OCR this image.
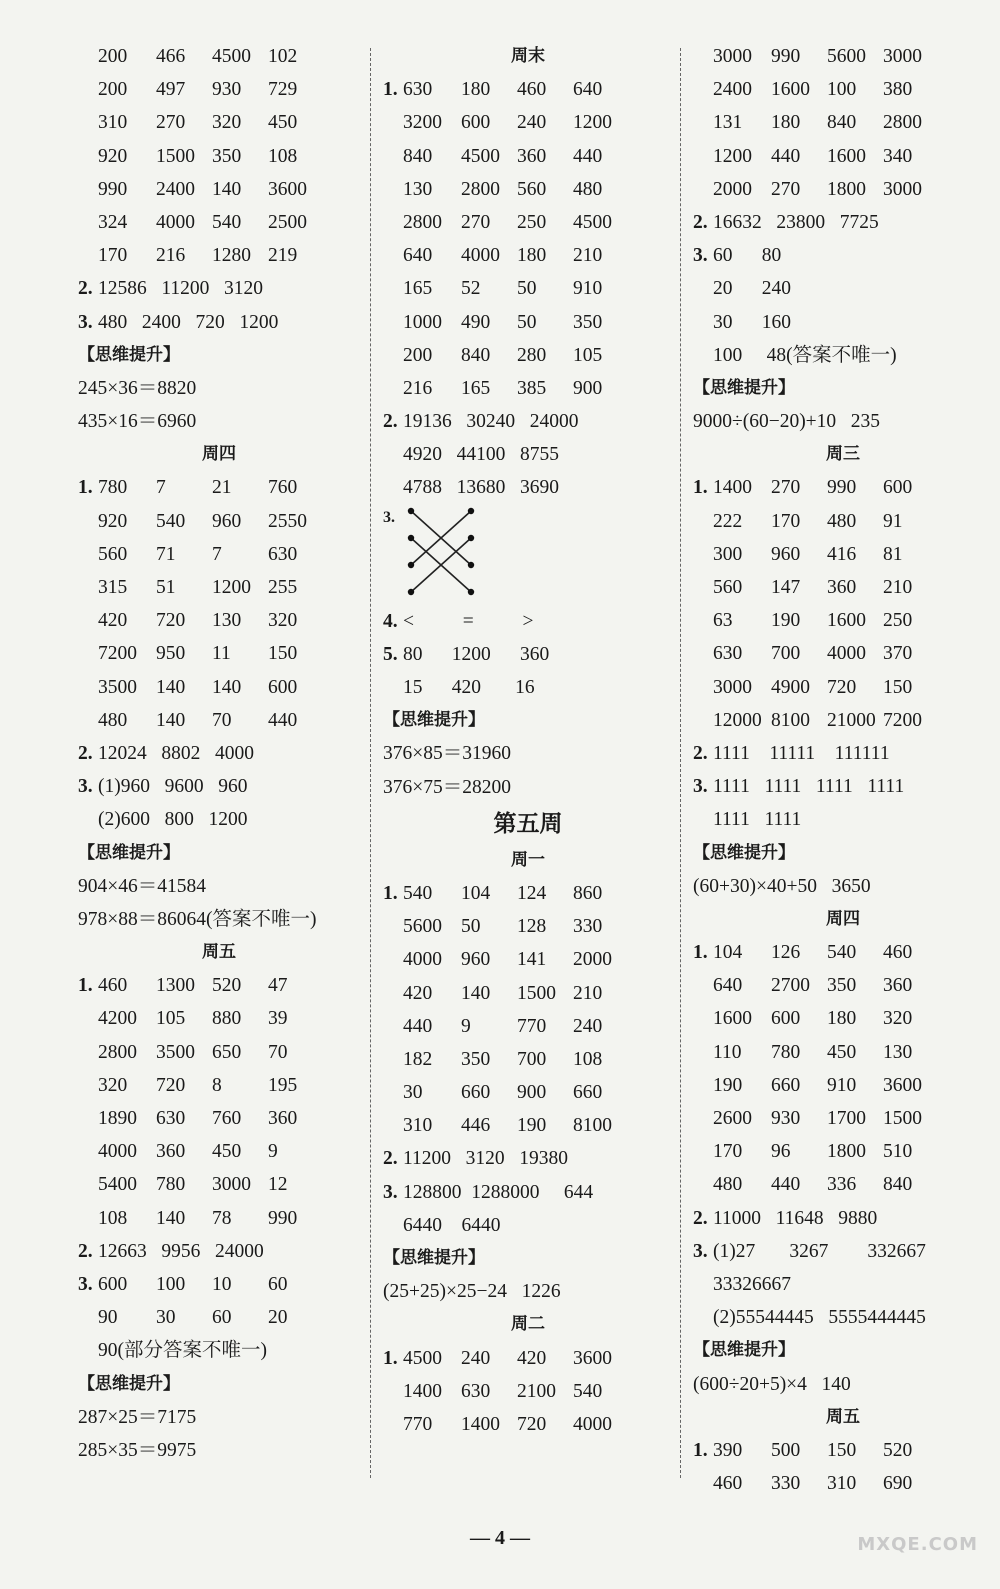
200 466 4500 102
200 497 930 729
310 270 320 450
920 1500 350 108
990 2400 140 3600
324 4000 540 2500
170 216 1280 219
2. 12586   11200   3120
3. 480   2400   720   1200
【思维提升】
245×36＝8820
435×16＝6960
周四
1. 780 7 21 760
920 540 960 2550
560 71 7 630
315 51 1200 255
420 720 130 320
7200 950 11 150
3500 140 140 600
480 140 70 440
2. 12024   8802   4000
3. (1)960   9600   960
(2)600   800   1200
【思维提升】
904×46＝41584
978×88＝86064(答案不唯一)
周五
1. 460 1300 520 47
4200 105 880 39
2800 3500 650 70
320 720 8 195
1890 630 760 360
4000 360 450 9
5400 780 3000 12
108 140 78 990
2. 12663   9956   24000
3. 600 100 10 60
90 30 60 20
90(部分答案不唯一)
【思维提升】
287×25＝7175
285×35＝9975
周末
1. 630 180 460 640
3200 600 240 1200
840 4500 360 440
130 2800 560 480
2800 270 250 4500
640 4000 180 210
165 52 50 910
1000 490 50 350
200 840 280 105
216 165 385 900
2. 19136   30240   24000
4920   44100   8755
4788   13680   3690
3.
4. <          =          >
5. 80      1200      360
15      420       16
【思维提升】
376×85＝31960
376×75＝28200
第五周
周一
1. 540 104 124 860
5600 50 128 330
4000 960 141 2000
420 140 1500 210
440 9 770 240
182 350 700 108
30 660 900 660
310 446 190 8100
2. 11200   3120   19380
3. 128800  1288000     644
6440    6440
【思维提升】
(25+25)×25−24   1226
周二
1. 4500 240 420 3600
1400 630 2100 540
770 1400 720 4000
3000 990 5600 3000
2400 1600 100 380
131 180 840 2800
1200 440 1600 340
2000 270 1800 3000
2. 16632   23800   7725
3. 60      80
20      240
30      160
100     48(答案不唯一)
【思维提升】
9000÷(60−20)+10   235
周三
1. 1400 270 990 600
222 170 480 91
300 960 416 81
560 147 360 210
63 190 1600 250
630 700 4000 370
3000 4900 720 150
12000 8100 21000 7200
2. 1111    11111    111111
3. 1111   1111   1111   1111
1111   1111
【思维提升】
(60+30)×40+50   3650
周四
1. 104 126 540 460
640 2700 350 360
1600 600 180 320
110 780 450 130
190 660 910 3600
2600 930 1700 1500
170 96 1800 510
480 440 336 840
2. 11000   11648   9880
3. (1)27       3267        332667
33326667
(2)55544445   5555444445
【思维提升】
(600÷20+5)×4   140
周五
1. 390 500 150 520
460 330 310 690
— 4 —	MXQE.COM
